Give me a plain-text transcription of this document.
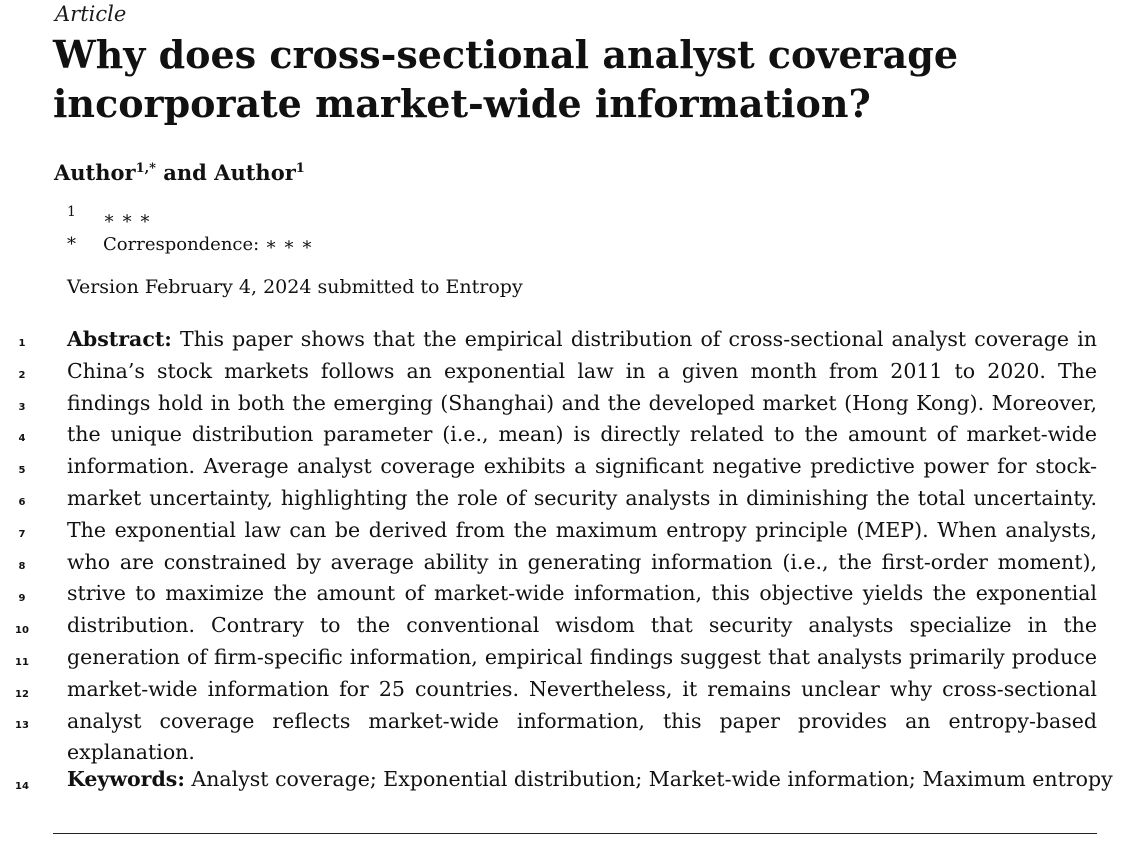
Article
Why does cross-sectional analyst coverage incorporate market-wide information?
Author$^{1,*}$ and Author$^1$
1 ∗ ∗ ∗
* Correspondence: ∗ ∗ ∗
Version February 4, 2024 submitted to Entropy
1
2
3
4
5
6
7
8
9
10
11
12
13
14

Abstract: This paper shows that the empirical distribution of cross-sectional analyst coverage in China’s stock markets follows an exponential law in a given month from 2011 to 2020. The findings hold in both the emerging (Shanghai) and the developed market (Hong Kong). Moreover, the unique distribution parameter (i.e., mean) is directly related to the amount of market-wide information. Average analyst coverage exhibits a significant negative predictive power for stock-market uncertainty, highlighting the role of security analysts in diminishing the total uncertainty. The exponential law can be derived from the maximum entropy principle (MEP). When analysts, who are constrained by average ability in generating information (i.e., the first-order moment), strive to maximize the amount of market-wide information, this objective yields the exponential distribution. Contrary to the conventional wisdom that security analysts specialize in the generation of firm-specific information, empirical findings suggest that analysts primarily produce market-wide information for 25 countries. Nevertheless, it remains unclear why cross-sectional analyst coverage reflects market-wide information, this paper provides an entropy-based explanation.

Keywords: Analyst coverage; Exponential distribution; Market-wide information; Maximum entropy
